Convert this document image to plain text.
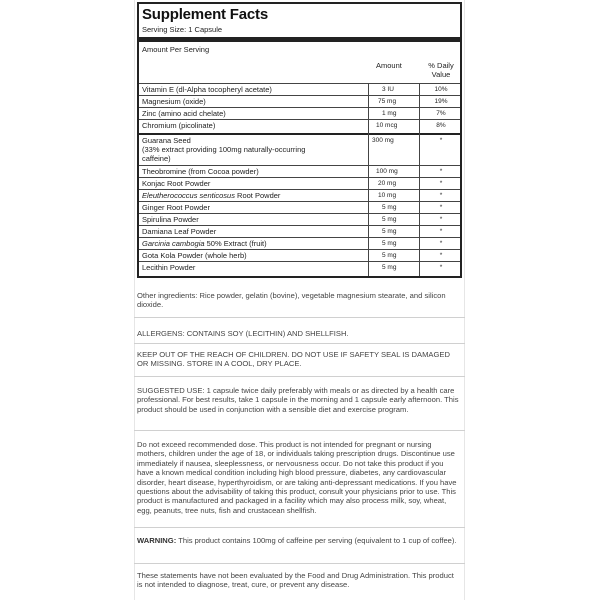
Supplement Facts
Serving Size: 1 Capsule
Amount Per Serving
Amount	% Daily
Value
Vitamin E (dl-Alpha tocopheryl acetate)	3 IU	10%
Magnesium (oxide)	75 mg	19%
Zinc (amino acid chelate)	1 mg	7%
Chromium (picolinate)	10 mcg	8%
Guarana Seed
(33% extract providing 100mg naturally-occurring
caffeine)
300 mg	*
Theobromine (from Cocoa powder)	100 mg	*
Konjac Root Powder	20 mg	*
Eleutherococcus senticosus Root Powder	10 mg	*
Ginger Root Powder	5 mg	*
Spirulina Powder	5 mg	*
Damiana Leaf Powder	5 mg	*
Garcinia cambogia 50% Extract (fruit)	5 mg	*
Gota Kola Powder (whole herb)	5 mg	*
Lecithin Powder	5 mg	*
Other ingredients: Rice powder, gelatin (bovine), vegetable magnesium stearate, and silicon dioxide.
ALLERGENS: CONTAINS SOY (LECITHIN) AND SHELLFISH.
KEEP OUT OF THE REACH OF CHILDREN. DO NOT USE IF SAFETY SEAL IS DAMAGED OR MISSING. STORE IN A COOL, DRY PLACE.
SUGGESTED USE: 1 capsule twice daily preferably with meals or as directed by a health care professional. For best results, take 1 capsule in the morning and 1 capsule early afternoon. This product should be used in conjunction with a sensible diet and exercise program.
Do not exceed recommended dose. This product is not intended for pregnant or nursing mothers, children under the age of 18, or individuals taking prescription drugs. Discontinue use immediately if nausea, sleeplessness, or nervousness occur. Do not take this product if you have a known medical condition including high blood pressure, diabetes, any cardiovascular disorder, heart disease, hyperthyroidism, or are taking anti-depressant medications. If you have questions about the advisability of taking this product, consult your physicians prior to use. This product is manufactured and packaged in a facility which may also process milk, soy, wheat, egg, peanuts, tree nuts, fish and crustacean shellfish.
WARNING: This product contains 100mg of caffeine per serving (equivalent to 1 cup of coffee).
These statements have not been evaluated by the Food and Drug Administration. This product is not intended to diagnose, treat, cure, or prevent any disease.
